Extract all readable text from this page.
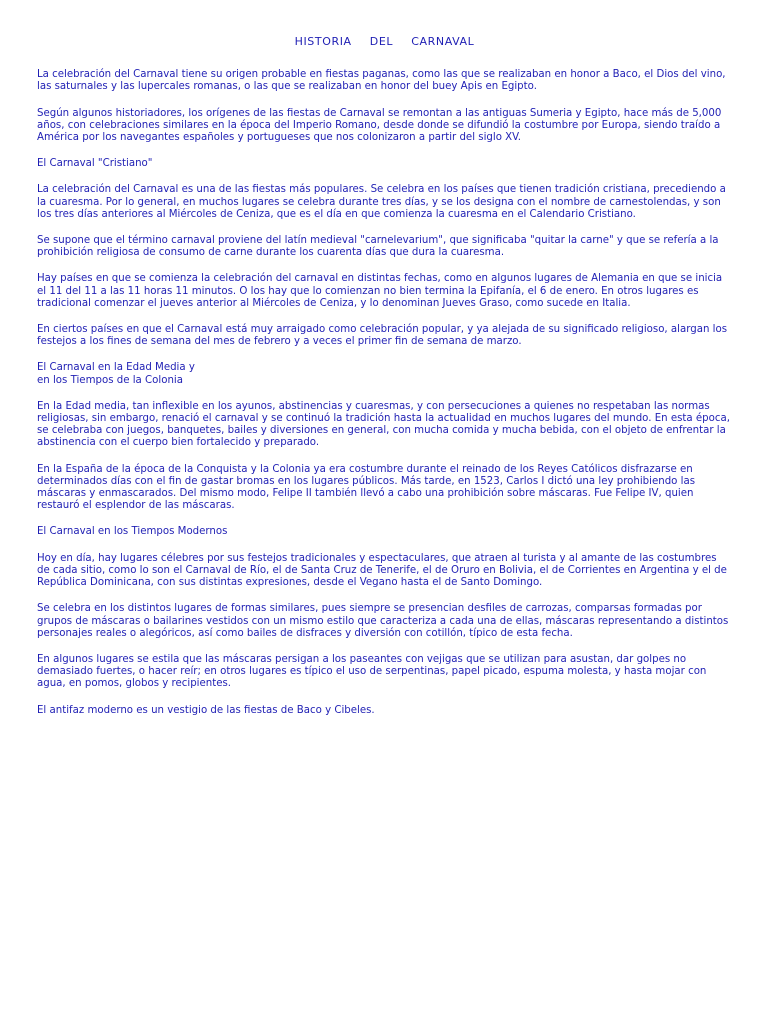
HISTORIA DEL CARNAVAL
La celebración del Carnaval tiene su origen probable en fiestas paganas, como las que se realizaban en honor a Baco, el Dios del vino, las saturnales y las lupercales romanas, o las que se realizaban en honor del buey Apis en Egipto.
Según algunos historiadores, los orígenes de las fiestas de Carnaval se remontan a las antiguas Sumeria y Egipto, hace más de 5,000 años, con celebraciones similares en la época del Imperio Romano, desde donde se difundió la costumbre por Europa, siendo traído a América por los navegantes españoles y portugueses que nos colonizaron a partir del siglo XV.
El Carnaval "Cristiano"
La celebración del Carnaval es una de las fiestas más populares. Se celebra en los países que tienen tradición cristiana, precediendo a la cuaresma. Por lo general, en muchos lugares se celebra durante tres días, y se los designa con el nombre de carnestolendas, y son los tres días anteriores al Miércoles de Ceniza, que es el día en que comienza la cuaresma en el Calendario Cristiano.
Se supone que el término carnaval proviene del latín medieval "carnelevarium", que significaba "quitar la carne" y que se refería a la prohibición religiosa de consumo de carne durante los cuarenta días que dura la cuaresma.
Hay países en que se comienza la celebración del carnaval en distintas fechas, como en algunos lugares de Alemania en que se inicia el 11 del 11 a las 11 horas 11 minutos. O los hay que lo comienzan no bien termina la Epifanía, el 6 de enero. En otros lugares es tradicional comenzar el jueves anterior al Miércoles de Ceniza, y lo denominan Jueves Graso, como sucede en Italia.
En ciertos países en que el Carnaval está muy arraigado como celebración popular, y ya alejada de su significado religioso, alargan los festejos a los fines de semana del mes de febrero y a veces el primer fin de semana de marzo.
El Carnaval en la Edad Media y
en los Tiempos de la Colonia
En la Edad media, tan inflexible en los ayunos, abstinencias y cuaresmas, y con persecuciones a quienes no respetaban las normas religiosas, sin embargo, renació el carnaval y se continuó la tradición hasta la actualidad en muchos lugares del mundo. En esta época, se celebraba con juegos, banquetes, bailes y diversiones en general, con mucha comida y mucha bebida, con el objeto de enfrentar la abstinencia con el cuerpo bien fortalecido y preparado.
En la España de la época de la Conquista y la Colonia ya era costumbre durante el reinado de los Reyes Católicos disfrazarse en determinados días con el fin de gastar bromas en los lugares públicos. Más tarde, en 1523, Carlos I dictó una ley prohibiendo las máscaras y enmascarados. Del mismo modo, Felipe II también llevó a cabo una prohibición sobre máscaras. Fue Felipe IV, quien restauró el esplendor de las máscaras.
El Carnaval en los Tiempos Modernos
Hoy en día, hay lugares célebres por sus festejos tradicionales y espectaculares, que atraen al turista y al amante de las costumbres de cada sitio, como lo son el Carnaval de Río, el de Santa Cruz de Tenerife, el de Oruro en Bolivia, el de Corrientes en Argentina y el de República Dominicana, con sus distintas expresiones, desde el Vegano hasta el de Santo Domingo.
Se celebra en los distintos lugares de formas similares, pues siempre se presencian desfiles de carrozas, comparsas formadas por grupos de máscaras o bailarines vestidos con un mismo estilo que caracteriza a cada una de ellas, máscaras representando a distintos personajes reales o alegóricos, así como bailes de disfraces y diversión con cotillón, típico de esta fecha.
En algunos lugares se estila que las máscaras persigan a los paseantes con vejigas que se utilizan para asustan, dar golpes no demasiado fuertes, o hacer reír; en otros lugares es típico el uso de serpentinas, papel picado, espuma molesta, y hasta mojar con agua, en pomos, globos y recipientes.
El antifaz moderno es un vestigio de las fiestas de Baco y Cibeles.
